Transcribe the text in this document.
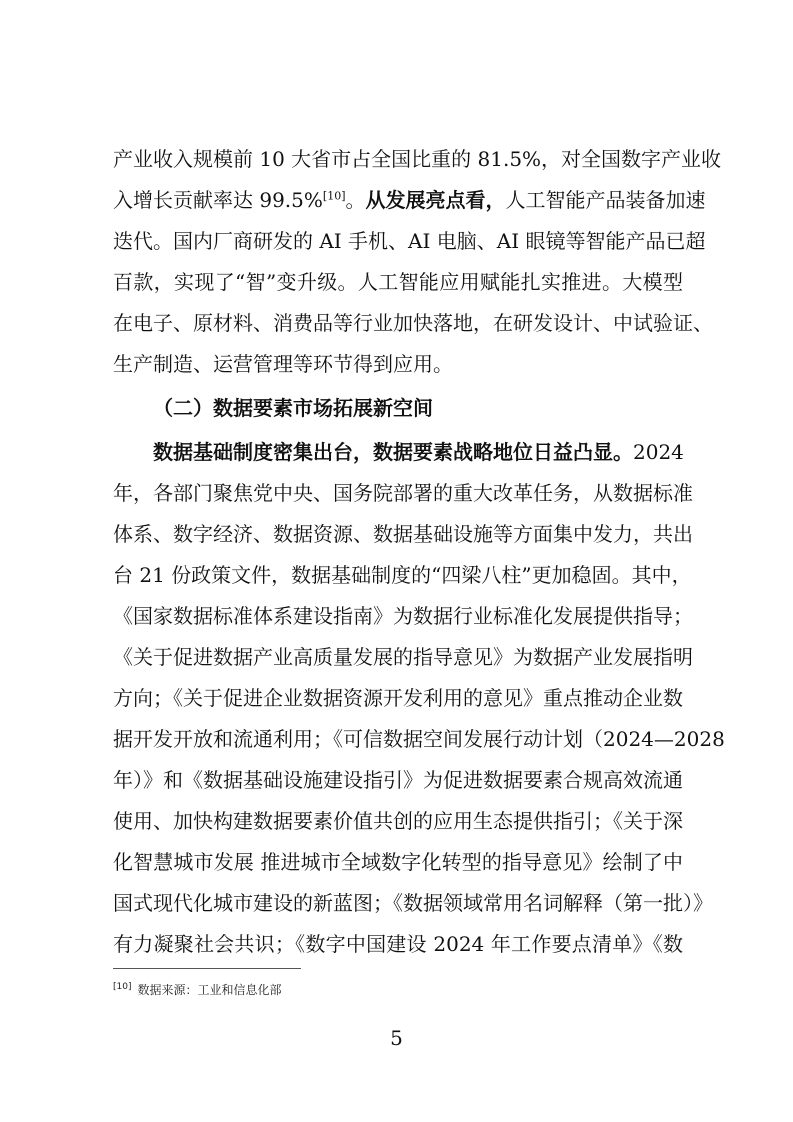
产业收入规模前 10 大省市占全国比重的 81.5%，对全国数字产业收
入增长贡献率达 99.5%[10]。从发展亮点看，人工智能产品装备加速
迭代。国内厂商研发的 AI 手机、AI 电脑、AI 眼镜等智能产品已超
百款，实现了“智”变升级。人工智能应用赋能扎实推进。大模型
在电子、原材料、消费品等行业加快落地，在研发设计、中试验证、
生产制造、运营管理等环节得到应用。
（二）数据要素市场拓展新空间
数据基础制度密集出台，数据要素战略地位日益凸显。2024
年，各部门聚焦党中央、国务院部署的重大改革任务，从数据标准
体系、数字经济、数据资源、数据基础设施等方面集中发力，共出
台 21 份政策文件，数据基础制度的“四梁八柱”更加稳固。其中，
《国家数据标准体系建设指南》为数据行业标准化发展提供指导；
《关于促进数据产业高质量发展的指导意见》为数据产业发展指明
方向；《关于促进企业数据资源开发利用的意见》重点推动企业数
据开发开放和流通利用；《可信数据空间发展行动计划（2024—2028
年）》和《数据基础设施建设指引》为促进数据要素合规高效流通
使用、加快构建数据要素价值共创的应用生态提供指引；《关于深
化智慧城市发展 推进城市全域数字化转型的指导意见》绘制了中
国式现代化城市建设的新蓝图；《数据领域常用名词解释（第一批）》
[10] 数据来源：工业和信息化部
5
有力凝聚社会共识；《数字中国建设 2024 年工作要点清单》《数
